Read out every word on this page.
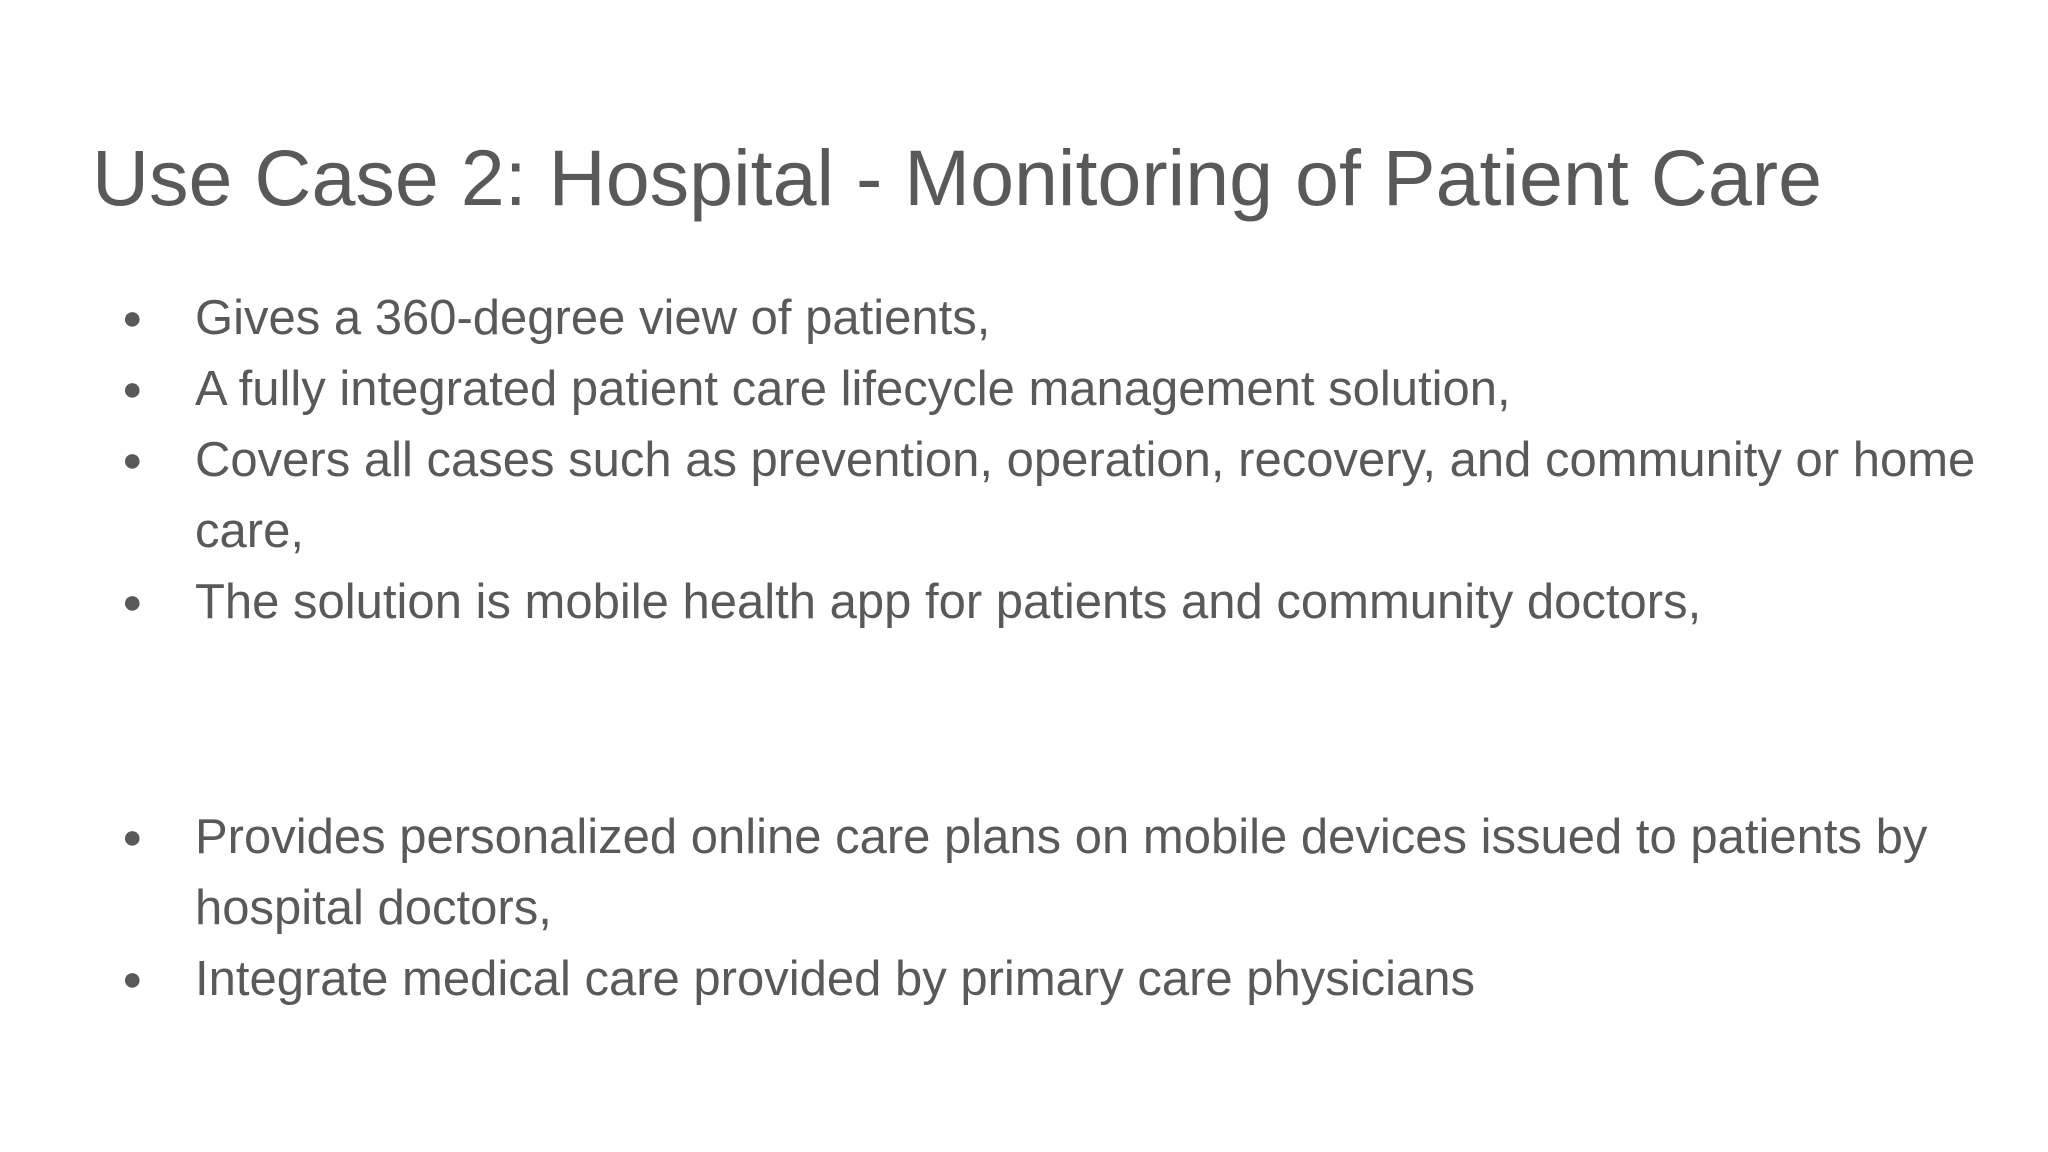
Use Case 2: Hospital - Monitoring of Patient Care
●	Gives a 360-degree view of patients,
●	A fully integrated patient care lifecycle management solution,
●	Covers all cases such as prevention, operation, recovery, and community or home care,
●	The solution is mobile health app for patients and community doctors,
●	Provides personalized online care plans on mobile devices issued to patients by hospital doctors,
●	Integrate medical care provided by primary care physicians
